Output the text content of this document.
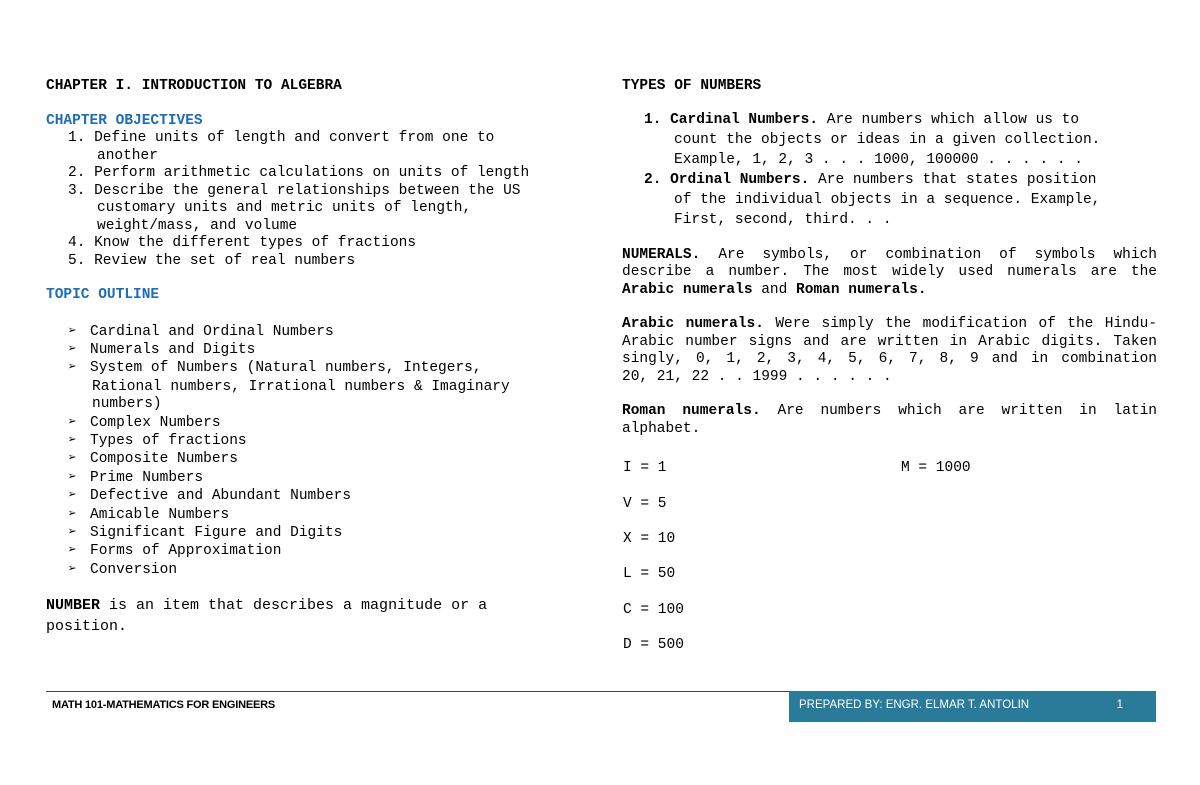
CHAPTER I. INTRODUCTION TO ALGEBRA
CHAPTER OBJECTIVES
1. Define units of length and convert from one to
another
2. Perform arithmetic calculations on units of length
3. Describe the general relationships between the US
customary units and metric units of length,
weight/mass, and volume
4. Know the different types of fractions
5. Review the set of real numbers
TOPIC OUTLINE
➢ Cardinal and Ordinal Numbers
➢ Numerals and Digits
➢ System of Numbers (Natural numbers, Integers,
Rational numbers, Irrational numbers & Imaginary
numbers)
➢ Complex Numbers
➢ Types of fractions
➢ Composite Numbers
➢ Prime Numbers
➢ Defective and Abundant Numbers
➢ Amicable Numbers
➢ Significant Figure and Digits
➢ Forms of Approximation
➢ Conversion
NUMBER is an item that describes a magnitude or a
position.
TYPES OF NUMBERS
1. Cardinal Numbers. Are numbers which allow us to
count the objects or ideas in a given collection.
Example, 1, 2, 3 . . . 1000, 100000 . . . . . .
2. Ordinal Numbers. Are numbers that states position
of the individual objects in a sequence. Example,
First, second, third. . .
NUMERALS. Are symbols, or combination of symbols which
describe a number. The most widely used numerals are the
Arabic numerals and Roman numerals.
Arabic numerals. Were simply the modification of the Hindu-
Arabic number signs and are written in Arabic digits. Taken
singly, 0, 1, 2, 3, 4, 5, 6, 7, 8, 9 and in combination
20, 21, 22 . . 1999 . . . . . .
Roman numerals. Are numbers which are written in latin
alphabet.
I = 1	M = 1000
V = 5
X = 10
L = 50
C = 100
D = 500
MATH 101-MATHEMATICS FOR ENGINEERS	PREPARED BY: ENGR. ELMAR T. ANTOLIN	1
